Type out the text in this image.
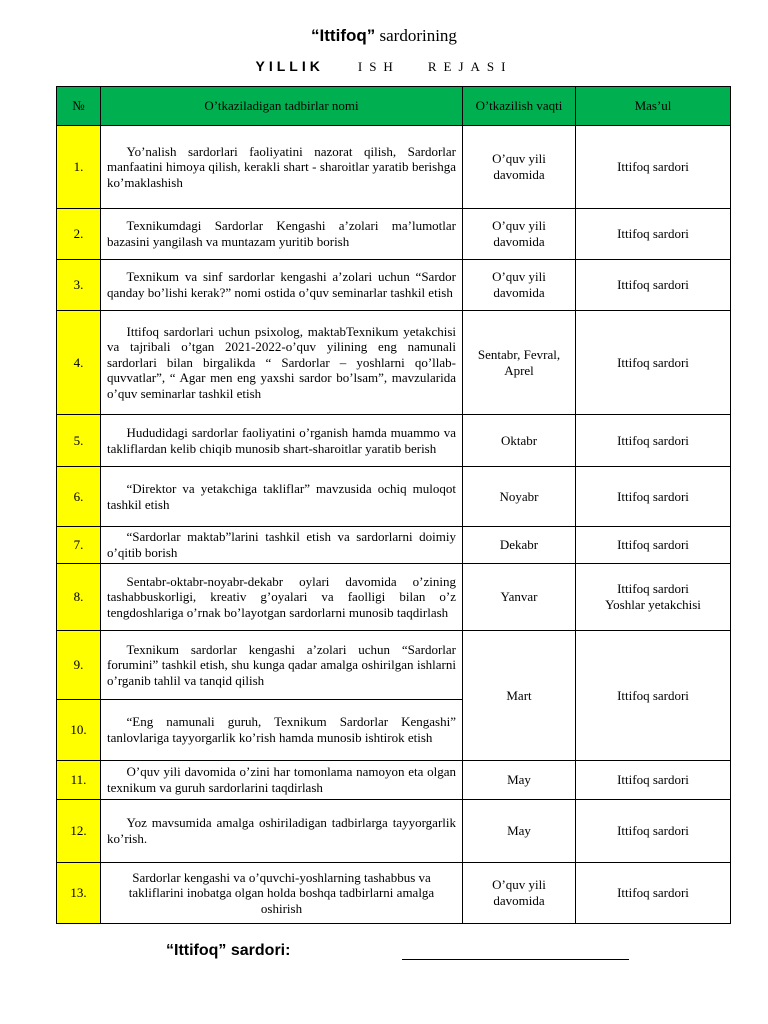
“Ittifoq” sardorining
YILLIK	ISH REJASI
№	O’tkaziladigan tadbirlar nomi	O’tkazilish vaqti	Mas’ul
1.	Yo’nalish sardorlari faoliyatini nazorat qilish, Sardorlar manfaatini himoya qilish, kerakli shart - sharoitlar yaratib berishga ko’maklashish	O’quv yili davomida	Ittifoq sardori
2.	Texnikumdagi Sardorlar Kengashi a’zolari ma’lumotlar bazasini yangilash va muntazam yuritib borish	O’quv yili davomida	Ittifoq sardori
3.	Texnikum va sinf sardorlar kengashi a’zolari uchun “Sardor qanday bo’lishi kerak?” nomi ostida o’quv seminarlar tashkil etish	O’quv yili davomida	Ittifoq sardori
4.	Ittifoq sardorlari uchun psixolog, maktabTexnikum yetakchisi va tajribali o’tgan 2021-2022-o’quv yilining eng namunali sardorlari bilan birgalikda “ Sardorlar – yoshlarni qo’llab-quvvatlar”, “ Agar men eng yaxshi sardor bo’lsam”, mavzularida o’quv seminarlar tashkil etish	Sentabr, Fevral, Aprel	Ittifoq sardori
5.	Hududidagi sardorlar faoliyatini o’rganish hamda muammo va takliflardan kelib chiqib munosib shart-sharoitlar yaratib berish	Oktabr	Ittifoq sardori
6.	“Direktor va yetakchiga takliflar” mavzusida ochiq muloqot tashkil etish	Noyabr	Ittifoq sardori
7.	“Sardorlar maktab”larini tashkil etish va sardorlarni doimiy o’qitib borish	Dekabr	Ittifoq sardori
8.	Sentabr-oktabr-noyabr-dekabr oylari davomida o’zining tashabbuskorligi, kreativ g’oyalari va faolligi bilan o’z tengdoshlariga o’rnak bo’layotgan sardorlarni munosib taqdirlash	Yanvar	Ittifoq sardori
Yoshlar yetakchisi
9.	Texnikum sardorlar kengashi a’zolari uchun “Sardorlar forumini” tashkil etish, shu kunga qadar amalga oshirilgan ishlarni o’rganib tahlil va tanqid qilish	Mart	Ittifoq sardori
10.	“Eng namunali guruh, Texnikum Sardorlar Kengashi” tanlovlariga tayyorgarlik ko’rish hamda munosib ishtirok etish		
11.	O’quv yili davomida o’zini har tomonlama namoyon eta olgan texnikum va guruh sardorlarini taqdirlash	May	Ittifoq sardori
12.	Yoz mavsumida amalga oshiriladigan tadbirlarga tayyorgarlik ko’rish.	May	Ittifoq sardori
13.	Sardorlar kengashi va o’quvchi-yoshlarning tashabbus va takliflarini inobatga olgan holda boshqa tadbirlarni amalga oshirish	O’quv yili davomida	Ittifoq sardori
“Ittifoq” sardori:
